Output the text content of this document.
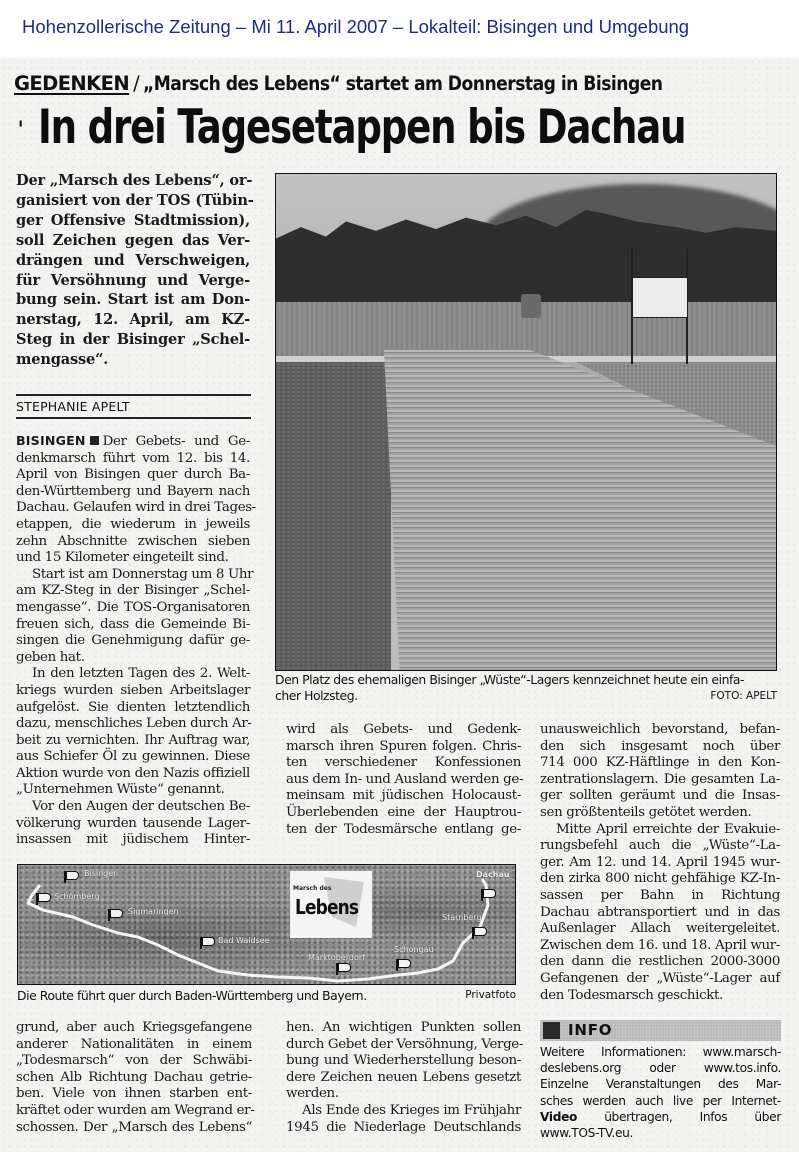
Hohenzollerische Zeitung – Mi 11. April 2007 – Lokalteil: Bisingen und Umgebung
GEDENKEN / „Marsch des Lebens“ startet am Donnerstag in Bisingen
' In drei Tagesetappen bis Dachau
Der „Marsch des Lebens“, or-
ganisiert von der TOS (Tübin-
ger Offensive Stadtmission),
soll Zeichen gegen das Ver-
drängen und Verschweigen,
für Versöhnung und Verge-
bung sein. Start ist am Don-
nerstag, 12. April, am KZ-
Steg in der Bisinger „Schel-
mengasse“.
STEPHANIE APELT
BISINGEN Der Gebets- und Ge-
denkmarsch führt vom 12. bis 14.
April von Bisingen quer durch Ba-
den-Württemberg und Bayern nach
Dachau. Gelaufen wird in drei Tages-
etappen, die wiederum in jeweils
zehn Abschnitte zwischen sieben
und 15 Kilometer eingeteilt sind.
Start ist am Donnerstag um 8 Uhr
am KZ-Steg in der Bisinger „Schel-
mengasse“. Die TOS-Organisatoren
freuen sich, dass die Gemeinde Bi-
singen die Genehmigung dafür ge-
geben hat.
In den letzten Tagen des 2. Welt-
kriegs wurden sieben Arbeitslager
aufgelöst. Sie dienten letztendlich
dazu, menschliches Leben durch Ar-
beit zu vernichten. Ihr Auftrag war,
aus Schiefer Öl zu gewinnen. Diese
Aktion wurde von den Nazis offiziell
„Unternehmen Wüste“ genannt.
Vor den Augen der deutschen Be-
völkerung wurden tausende Lager-
insassen mit jüdischem Hinter-
Den Platz des ehemaligen Bisinger „Wüste“-Lagers kennzeichnet heute ein einfa-
cher Holzsteg.	FOTO: APELT
wird als Gebets- und Gedenk-
marsch ihren Spuren folgen. Chris-
ten verschiedener Konfessionen
aus dem In- und Ausland werden ge-
meinsam mit jüdischen Holocaust-
Überlebenden eine der Hauptrou-
ten der Todesmärsche entlang ge-
unausweichlich bevorstand, befan-
den sich insgesamt noch über
714 000 KZ-Häftlinge in den Kon-
zentrationslagern. Die gesamten La-
ger sollten geräumt und die Insas-
sen größtenteils getötet werden.
Mitte April erreichte der Evakuie-
rungsbefehl auch die „Wüste“-La-
ger. Am 12. und 14. April 1945 wur-
den zirka 800 nicht gehfähige KZ-In-
sassen per Bahn in Richtung
Dachau abtransportiert und in das
Außenlager Allach weitergeleitet.
Zwischen dem 16. und 18. April wur-
den dann die restlichen 2000-3000
Gefangenen der „Wüste“-Lager auf
den Todesmarsch geschickt.
Marsch des
Lebens
Bisingen
Schömberg
Sigmaringen
Bad Waldsee
Marktoberdorf
Schongau
Starnberg
Dachau
Die Route führt quer durch Baden-Württemberg und Bayern.	Privatfoto
grund, aber auch Kriegsgefangene
anderer Nationalitäten in einem
„Todesmarsch“ von der Schwäbi-
schen Alb Richtung Dachau getrie-
ben. Viele von ihnen starben ent-
kräftet oder wurden am Wegrand er-
schossen. Der „Marsch des Lebens“
hen. An wichtigen Punkten sollen
durch Gebet der Versöhnung, Verge-
bung und Wiederherstellung beson-
dere Zeichen neuen Lebens gesetzt
werden.
Als Ende des Krieges im Frühjahr
1945 die Niederlage Deutschlands
INFO
Weitere Informationen: www.marsch-
deslebens.org oder www.tos.info.
Einzelne Veranstaltungen des Mar-
sches werden auch live per Internet-
Video übertragen, Infos über
www.TOS-TV.eu.
